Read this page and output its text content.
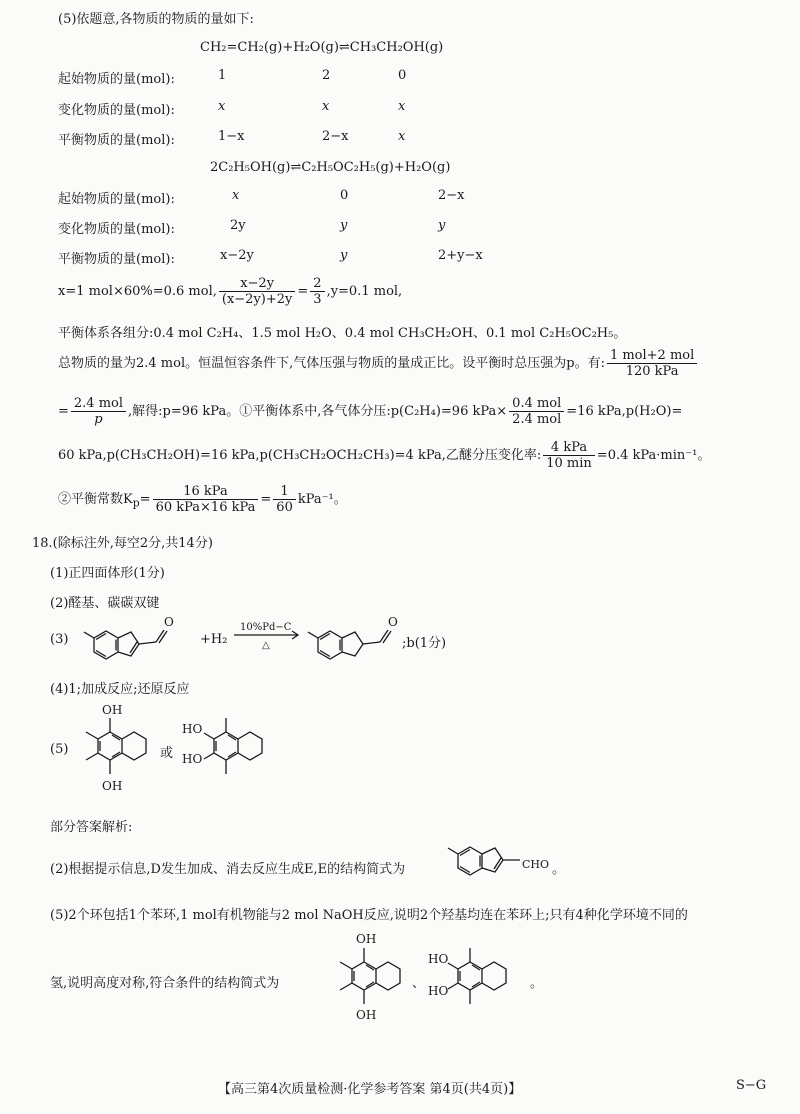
(5)依题意,各物质的物质的量如下:
CH₂=CH₂(g)+H₂O(g)⇌CH₃CH₂OH(g)
起始物质的量(mol):	1	2	0
变化物质的量(mol):	x	x	x
平衡物质的量(mol):	1−x	2−x	x
2C₂H₅OH(g)⇌C₂H₅OC₂H₅(g)+H₂O(g)
起始物质的量(mol):	x	0	2−x
变化物质的量(mol):	2y	y	y
平衡物质的量(mol):	x−2y	y	2+y−x
x=1 mol×60%=0.6 mol, $\frac{x-2y}{(x-2y)+2y} = \frac{2}{3} ,y=0.1$ mol,
平衡体系各组分:0.4 mol C₂H₄、1.5 mol H₂O、0.4 mol CH₃CH₂OH、0.1 mol C₂H₅OC₂H₅。
总物质的量为2.4 mol。恒温恒容条件下,气体压强与物质的量成正比。设平衡时总压强为p。有: $\frac{\text{1 mol+2 mol}}{\text{120 kPa}}$
= $\frac{\text{2.4 mol}}{p}$ ,解得:p=96 kPa。①平衡体系中,各气体分压:p(C₂H₄)=96 $kPa\times \frac{\text{0.4 mol}}{\text{2.4 mol}} =16$ kPa,p(H₂O)=
60 kPa,p(CH₃CH₂OH)=16 kPa,p(CH₃CH₂OCH₂CH₃)=4 kPa,乙醚分压变化率: $\frac{\text{4 kPa}}{10 \min} =0.4$ kPa·min⁻¹。
②平衡常数$K_p= \frac{\text{16 kPa}}{\text{60 kPa×16 kPa}} = \frac{1}{60} kPa^{-1}$。
18.(除标注外,每空2分,共14分)
(1)正四面体形(1分)
(2)醛基、碳碳双键
(3)
O
+H₂
10%Pd−C
△
O
;b(1分)
(4)1;加成反应;还原反应
(5)
OH
OH
或
HO
HO
部分答案解析:
(2)根据提示信息,D发生加成、消去反应生成E,E的结构简式为	CHO 。
(5)2个环包括1个苯环,1 mol有机物能与2 mol NaOH反应,说明2个羟基均连在苯环上;只有4种化学环境不同的
氢,说明高度对称,符合条件的结构简式为
OH
OH
、
HO
HO	。
【高三第4次质量检测·化学参考答案 第4页(共4页)】	S−G
